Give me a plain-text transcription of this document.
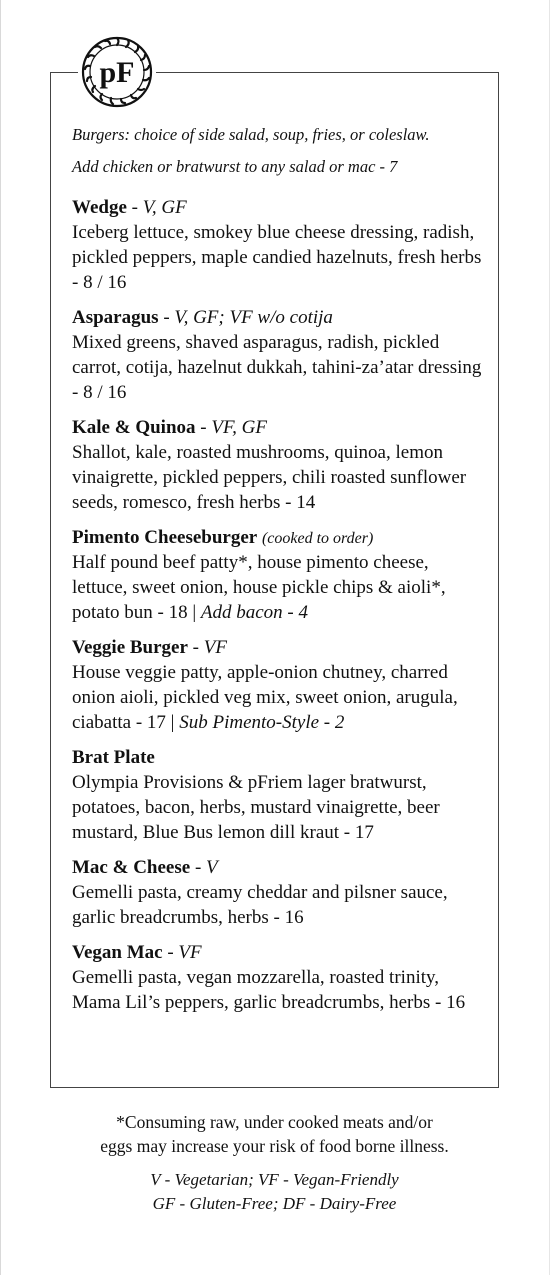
pF

Burgers: choice of side salad, soup, fries, or coleslaw.

Add chicken or bratwurst to any salad or mac - 7

Wedge - V, GF

Iceberg lettuce, smokey blue cheese dressing, radish, pickled peppers, maple candied hazelnuts, fresh herbs - 8 / 16

Asparagus - V, GF; VF w/o cotija

Mixed greens, shaved asparagus, radish, pickled carrot, cotija, hazelnut dukkah, tahini-za’atar dressing - 8 / 16

Kale & Quinoa - VF, GF

Shallot, kale, roasted mushrooms, quinoa, lemon vinaigrette, pickled peppers, chili roasted sunflower seeds, romesco, fresh herbs - 14

Pimento Cheeseburger (cooked to order)

Half pound beef patty*, house pimento cheese, lettuce, sweet onion, house pickle chips & aioli*, potato bun - 18 | Add bacon - 4

Veggie Burger - VF

House veggie patty, apple-onion chutney, charred onion aioli, pickled veg mix, sweet onion, arugula, ciabatta - 17 | Sub Pimento-Style - 2

Brat Plate

Olympia Provisions & pFriem lager bratwurst, potatoes, bacon, herbs, mustard vinaigrette, beer mustard, Blue Bus lemon dill kraut - 17

Mac & Cheese - V

Gemelli pasta, creamy cheddar and pilsner sauce, garlic breadcrumbs, herbs - 16

Vegan Mac - VF

Gemelli pasta, vegan mozzarella, roasted trinity, Mama Lil’s peppers, garlic breadcrumbs, herbs - 16

*Consuming raw, under cooked meats and/or
eggs may increase your risk of food borne illness.

V - Vegetarian; VF - Vegan-Friendly
GF - Gluten-Free; DF - Dairy-Free
